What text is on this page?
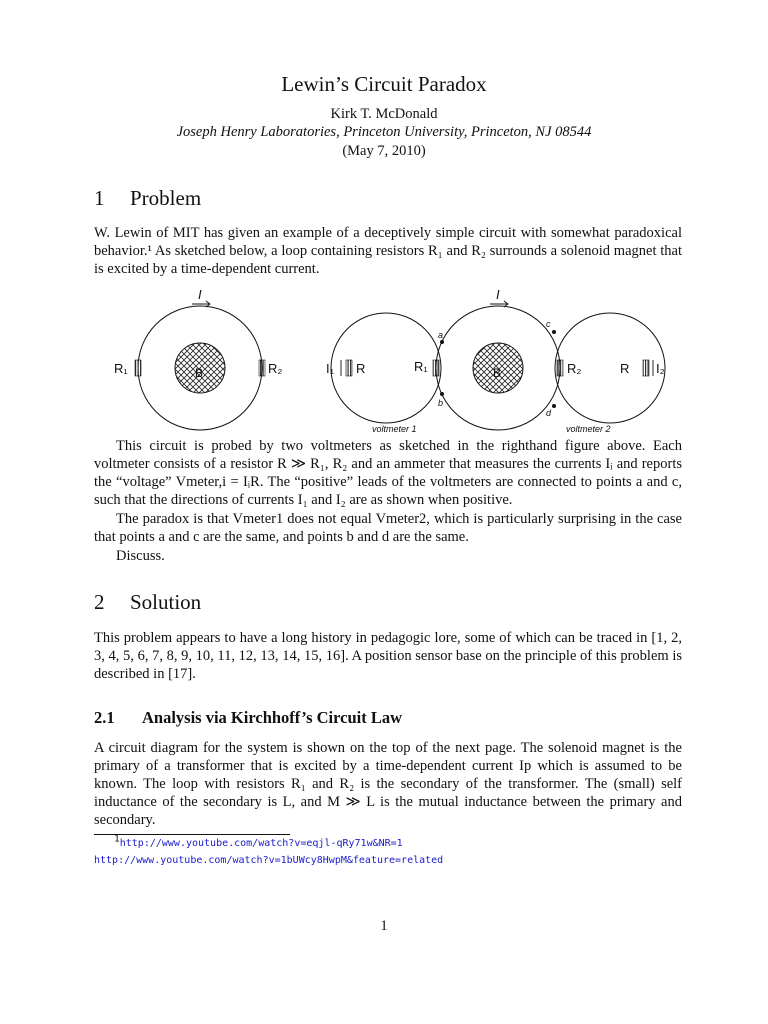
Lewin’s Circuit Paradox
Kirk T. McDonald
Joseph Henry Laboratories, Princeton University, Princeton, NJ 08544
(May 7, 2010)
1 Problem
W. Lewin of MIT has given an example of a deceptively simple circuit with somewhat paradoxical behavior.¹ As sketched below, a loop containing resistors R₁ and R₂ surrounds a solenoid magnet that is excited by a time-dependent current.
I
R₁	R₂
B
I
I₁ R	R₁	B	R₂	R I₂
a
b
c
d
voltmeter 1	voltmeter 2
This circuit is probed by two voltmeters as sketched in the righthand figure above. Each voltmeter consists of a resistor R ≫ R₁, R₂ and an ammeter that measures the currents Iᵢ and reports the “voltage” Vmeter,i = IᵢR. The “positive” leads of the voltmeters are connected to points a and c, such that the directions of currents I₁ and I₂ are as shown when positive.
The paradox is that Vmeter1 does not equal Vmeter2, which is particularly surprising in the case that points a and c are the same, and points b and d are the same.
Discuss.
2 Solution
This problem appears to have a long history in pedagogic lore, some of which can be traced in [1, 2, 3, 4, 5, 6, 7, 8, 9, 10, 11, 12, 13, 14, 15, 16]. A position sensor base on the principle of this problem is described in [17].
2.1 Analysis via Kirchhoff’s Circuit Law
A circuit diagram for the system is shown on the top of the next page. The solenoid magnet is the primary of a transformer that is excited by a time-dependent current Ip which is assumed to be known. The loop with resistors R₁ and R₂ is the secondary of the transformer. The (small) self inductance of the secondary is L, and M ≫ L is the mutual inductance between the primary and secondary.
$^1$http://www.youtube.com/watch?v=eqjl-qRy71w&NR=1
http://www.youtube.com/watch?v=1bUWcy8HwpM&feature=related
1
